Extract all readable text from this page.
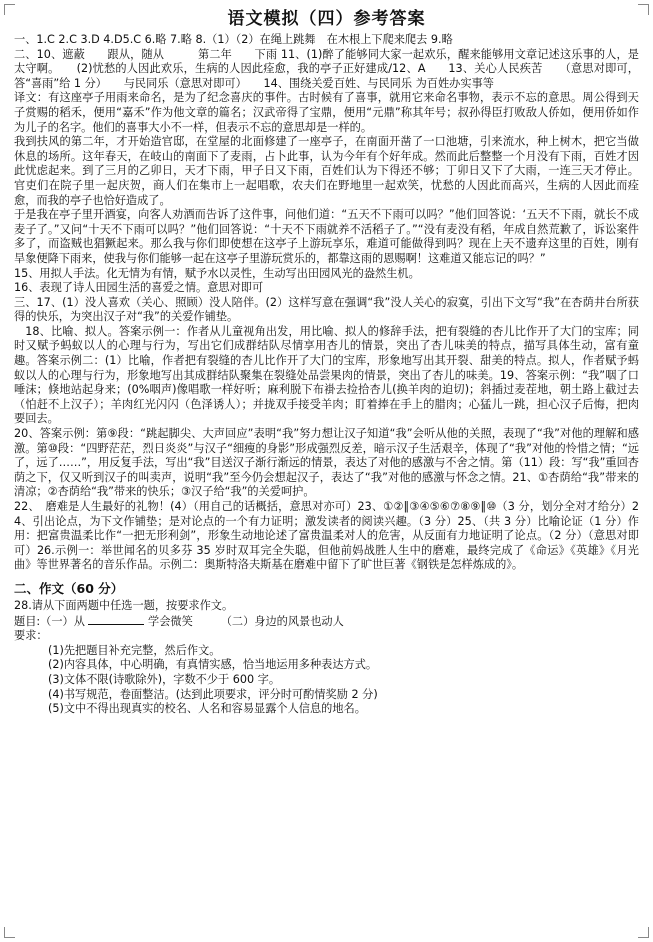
语文模拟（四）参考答案

一、1.C 2.C 3.D 4.D5.C 6.略 7.略 8.（1）（2）在绳上跳舞　在木根上下爬来爬去 9.略

二、10、遮蔽　　跟从，随从　　　第二年　　下雨 11、(1)醉了能够同大家一起欢乐，醒来能够用文章记述这乐事的人，是太守啊。　　(2)忧愁的人因此欢乐，生病的人因此痊愈，我的亭子正好建成/12、A　　13、关心人民疾苦　　（意思对即可，答“喜雨”给 1 分）　　与民同乐（意思对即可）　　14、围绕关爱百姓、与民同乐 为百姓办实事等

译文：有这座亭子用雨来命名，是为了纪念喜庆的事件。古时候有了喜事，就用它来命名事物，表示不忘的意思。周公得到天子赏赐的稻禾，便用“嘉禾”作为他文章的篇名；汉武帝得了宝鼎，便用“元鼎”称其年号；叔孙得臣打败敌人侨如，便用侨如作为儿子的名字。他们的喜事大小不一样，但表示不忘的意思却是一样的。

我到扶风的第二年，才开始造官邸，在堂屋的北面修建了一座亭子，在南面开凿了一口池塘，引来流水，种上树木，把它当做休息的场所。这年春天，在岐山的南面下了麦雨，占卜此事，认为今年有个好年成。然而此后整整一个月没有下雨，百姓才因此忧虑起来。到了三月的乙卯日，天才下雨，甲子日又下雨，百姓们认为下得还不够；丁卯日又下了大雨，一连三天才停止。官吏们在院子里一起庆贺，商人们在集市上一起唱歌，农夫们在野地里一起欢笑，忧愁的人因此而高兴，生病的人因此而痊愈，而我的亭子也恰好造成了。

于是我在亭子里开酒宴，向客人劝酒而告诉了这件事，问他们道：“五天不下雨可以吗？”他们回答说：‘五天不下雨，就长不成麦子了。”又问“十天不下雨可以吗？”他们回答说：“十天不下雨就养不活稻子了。”“没有麦没有稻，年成自然荒歉了，诉讼案件多了，而盗贼也猖獗起来。那么我与你们即使想在这亭子上游玩享乐，难道可能做得到吗？现在上天不遗弃这里的百姓，刚有旱象便降下雨来，使我与你们能够一起在这亭子里游玩赏乐的，都靠这雨的恩赐啊！这难道又能忘记的吗？”

15、用拟人手法。化无情为有情，赋予水以灵性，生动写出田园风光的盎然生机。

16、表现了诗人田园生活的喜爱之情。意思对即可

三、17、(1）没人喜欢（关心、照顾）没人陪伴。(2）这样写意在强调“我”没人关心的寂寞，引出下文写“我”在杏荫井台所获得的快乐，为突出汉子对“我”的关爱作铺垫。

　18、比喻、拟人。答案示例一：作者从儿童视角出发，用比喻、拟人的修辞手法，把有裂缝的杏儿比作开了大门的宝库；同时又赋予蚂蚁以人的心理与行为，写出它们成群结队尽情享用杏儿的情景，突出了杏儿味美的特点，描写具体生动，富有童趣。答案示例二：(1）比喻，作者把有裂缝的杏儿比作开了大门的宝库，形象地写出其开裂、甜美的特点。拟人，作者赋予蚂蚁以人的心理与行为，形象地写出其成群结队聚集在裂缝处品尝果肉的情景，突出了杏儿的味美。19、答案示例：“我”咽了口唾沫；倏地站起身来；(0%咽声)像唱歌一样好听；麻利脱下布褂去捡拾杏儿(换羊肉的迫切)；斜插过麦茬地，朝土路上截过去（怕赶不上汉子）；羊肉红光闪闪（色泽诱人）；并拢双手接受羊肉；盯着捧在手上的腊肉；心猛儿一跳，担心汉子后悔，把肉要回去。

20、答案示例：第⑨段：“跳起脚尖、大声回应”表明“我”努力想让汉子知道“我”会听从他的关照，表现了“我”对他的理解和感激。第⑩段：“四野茫茫，烈日炎炎”与汉子“细瘦的身影”形成强烈反差，暗示汉子生活艰辛，体现了“我”对他的怜惜之情；“远了，远了……”，用反复手法，写出“我”目送汉子渐行渐远的情景，表达了对他的感激与不舍之情。第（11）段：写“我”重回杏荫之下，仅又听到汉子的叫卖声，说明“我”至今仍会想起汉子，表达了“我”对他的感激与怀念之情。21、①杏荫给“我”带来的清凉；②杏荫给“我”带来的快乐；③汉子给“我”的关爱呵护。

22、　磨难是人生最好的礼物！(4）（用自己的话概括，意思对亦可）23、①②‖③④⑤⑥⑦⑧⑨‖⑩（3 分，划分全对才给分）24、引出论点，为下文作铺垫；是对论点的一个有力证明；激发读者的阅读兴趣。（3 分）25、（共 3 分）比喻论证（1 分）作用：把富贵温柔比作“一把无形利剑”，形象生动地论述了富贵温柔对人的危害，从反面有力地证明了论点。（2 分）（意思对即可）26.示例一：举世闻名的贝多芬 35 岁时双耳完全失聪，但他前妈战胜人生中的磨难，最终完成了《命运》《英雄》《月光曲》等世界著名的音乐作品。示例二：奥斯特洛夫斯基在磨难中留下了旷世巨著《钢铁是怎样炼成的》。

二、作文（60 分）

28.请从下面两题中任选一题，按要求作文。

题目:（一）从	学会微笑　　　（二）身边的风景也动人

要求：

(1)先把题目补充完整，然后作文。

(2)内容具体，中心明确，有真情实感，恰当地运用多种表达方式。

(3)文体不限(诗歌除外)，字数不少于 600 字。

(4)书写规范，卷面整洁。(达到此项要求，评分时可酌情奖励 2 分)

(5)文中不得出现真实的校名、人名和容易显露个人信息的地名。
